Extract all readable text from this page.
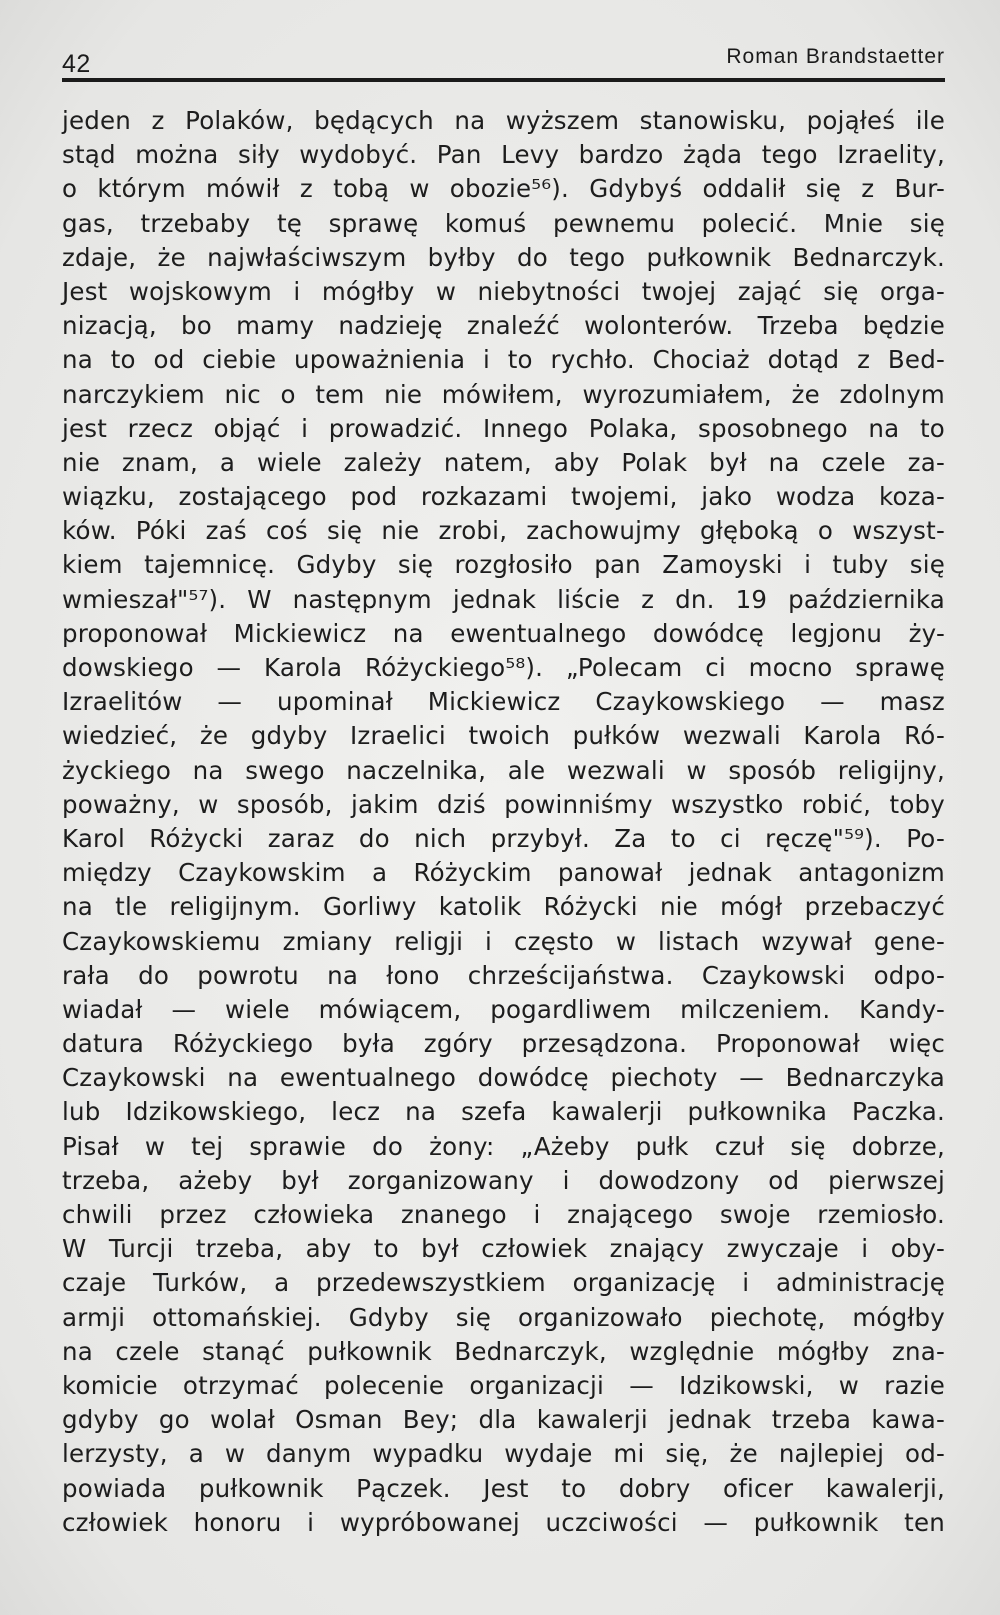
42	Roman Brandstaetter
jeden z Polaków, będących na wyższem stanowisku, pojąłeś ile
stąd można siły wydobyć. Pan Levy bardzo żąda tego Izraelity,
o którym mówił z tobą w obozie⁵⁶). Gdybyś oddalił się z Bur-
gas, trzebaby tę sprawę komuś pewnemu polecić. Mnie się
zdaje, że najwłaściwszym byłby do tego pułkownik Bednarczyk.
Jest wojskowym i mógłby w niebytności twojej zająć się orga-
nizacją, bo mamy nadzieję znaleźć wolonterów. Trzeba będzie
na to od ciebie upoważnienia i to rychło. Chociaż dotąd z Bed-
narczykiem nic o tem nie mówiłem, wyrozumiałem, że zdolnym
jest rzecz objąć i prowadzić. Innego Polaka, sposobnego na to
nie znam, a wiele zależy natem, aby Polak był na czele za-
wiązku, zostającego pod rozkazami twojemi, jako wodza koza-
ków. Póki zaś coś się nie zrobi, zachowujmy głęboką o wszyst-
kiem tajemnicę. Gdyby się rozgłosiło pan Zamoyski i tuby się
wmieszał"⁵⁷). W następnym jednak liście z dn. 19 października
proponował Mickiewicz na ewentualnego dowódcę legjonu ży-
dowskiego — Karola Różyckiego⁵⁸). „Polecam ci mocno sprawę
Izraelitów — upominał Mickiewicz Czaykowskiego — masz
wiedzieć, że gdyby Izraelici twoich pułków wezwali Karola Ró-
życkiego na swego naczelnika, ale wezwali w sposób religijny,
poważny, w sposób, jakim dziś powinniśmy wszystko robić, toby
Karol Różycki zaraz do nich przybył. Za to ci ręczę"⁵⁹). Po-
między Czaykowskim a Różyckim panował jednak antagonizm
na tle religijnym. Gorliwy katolik Różycki nie mógł przebaczyć
Czaykowskiemu zmiany religji i często w listach wzywał gene-
rała do powrotu na łono chrześcijaństwa. Czaykowski odpo-
wiadał — wiele mówiącem, pogardliwem milczeniem. Kandy-
datura Różyckiego była zgóry przesądzona. Proponował więc
Czaykowski na ewentualnego dowódcę piechoty — Bednarczyka
lub Idzikowskiego, lecz na szefa kawalerji pułkownika Paczka.
Pisał w tej sprawie do żony: „Ażeby pułk czuł się dobrze,
trzeba, ażeby był zorganizowany i dowodzony od pierwszej
chwili przez człowieka znanego i znającego swoje rzemiosło.
W Turcji trzeba, aby to był człowiek znający zwyczaje i oby-
czaje Turków, a przedewszystkiem organizację i administrację
armji ottomańskiej. Gdyby się organizowało piechotę, mógłby
na czele stanąć pułkownik Bednarczyk, względnie mógłby zna-
komicie otrzymać polecenie organizacji — Idzikowski, w razie
gdyby go wolał Osman Bey; dla kawalerji jednak trzeba kawa-
lerzysty, a w danym wypadku wydaje mi się, że najlepiej od-
powiada pułkownik Pączek. Jest to dobry oficer kawalerji,
człowiek honoru i wypróbowanej uczciwości — pułkownik ten
